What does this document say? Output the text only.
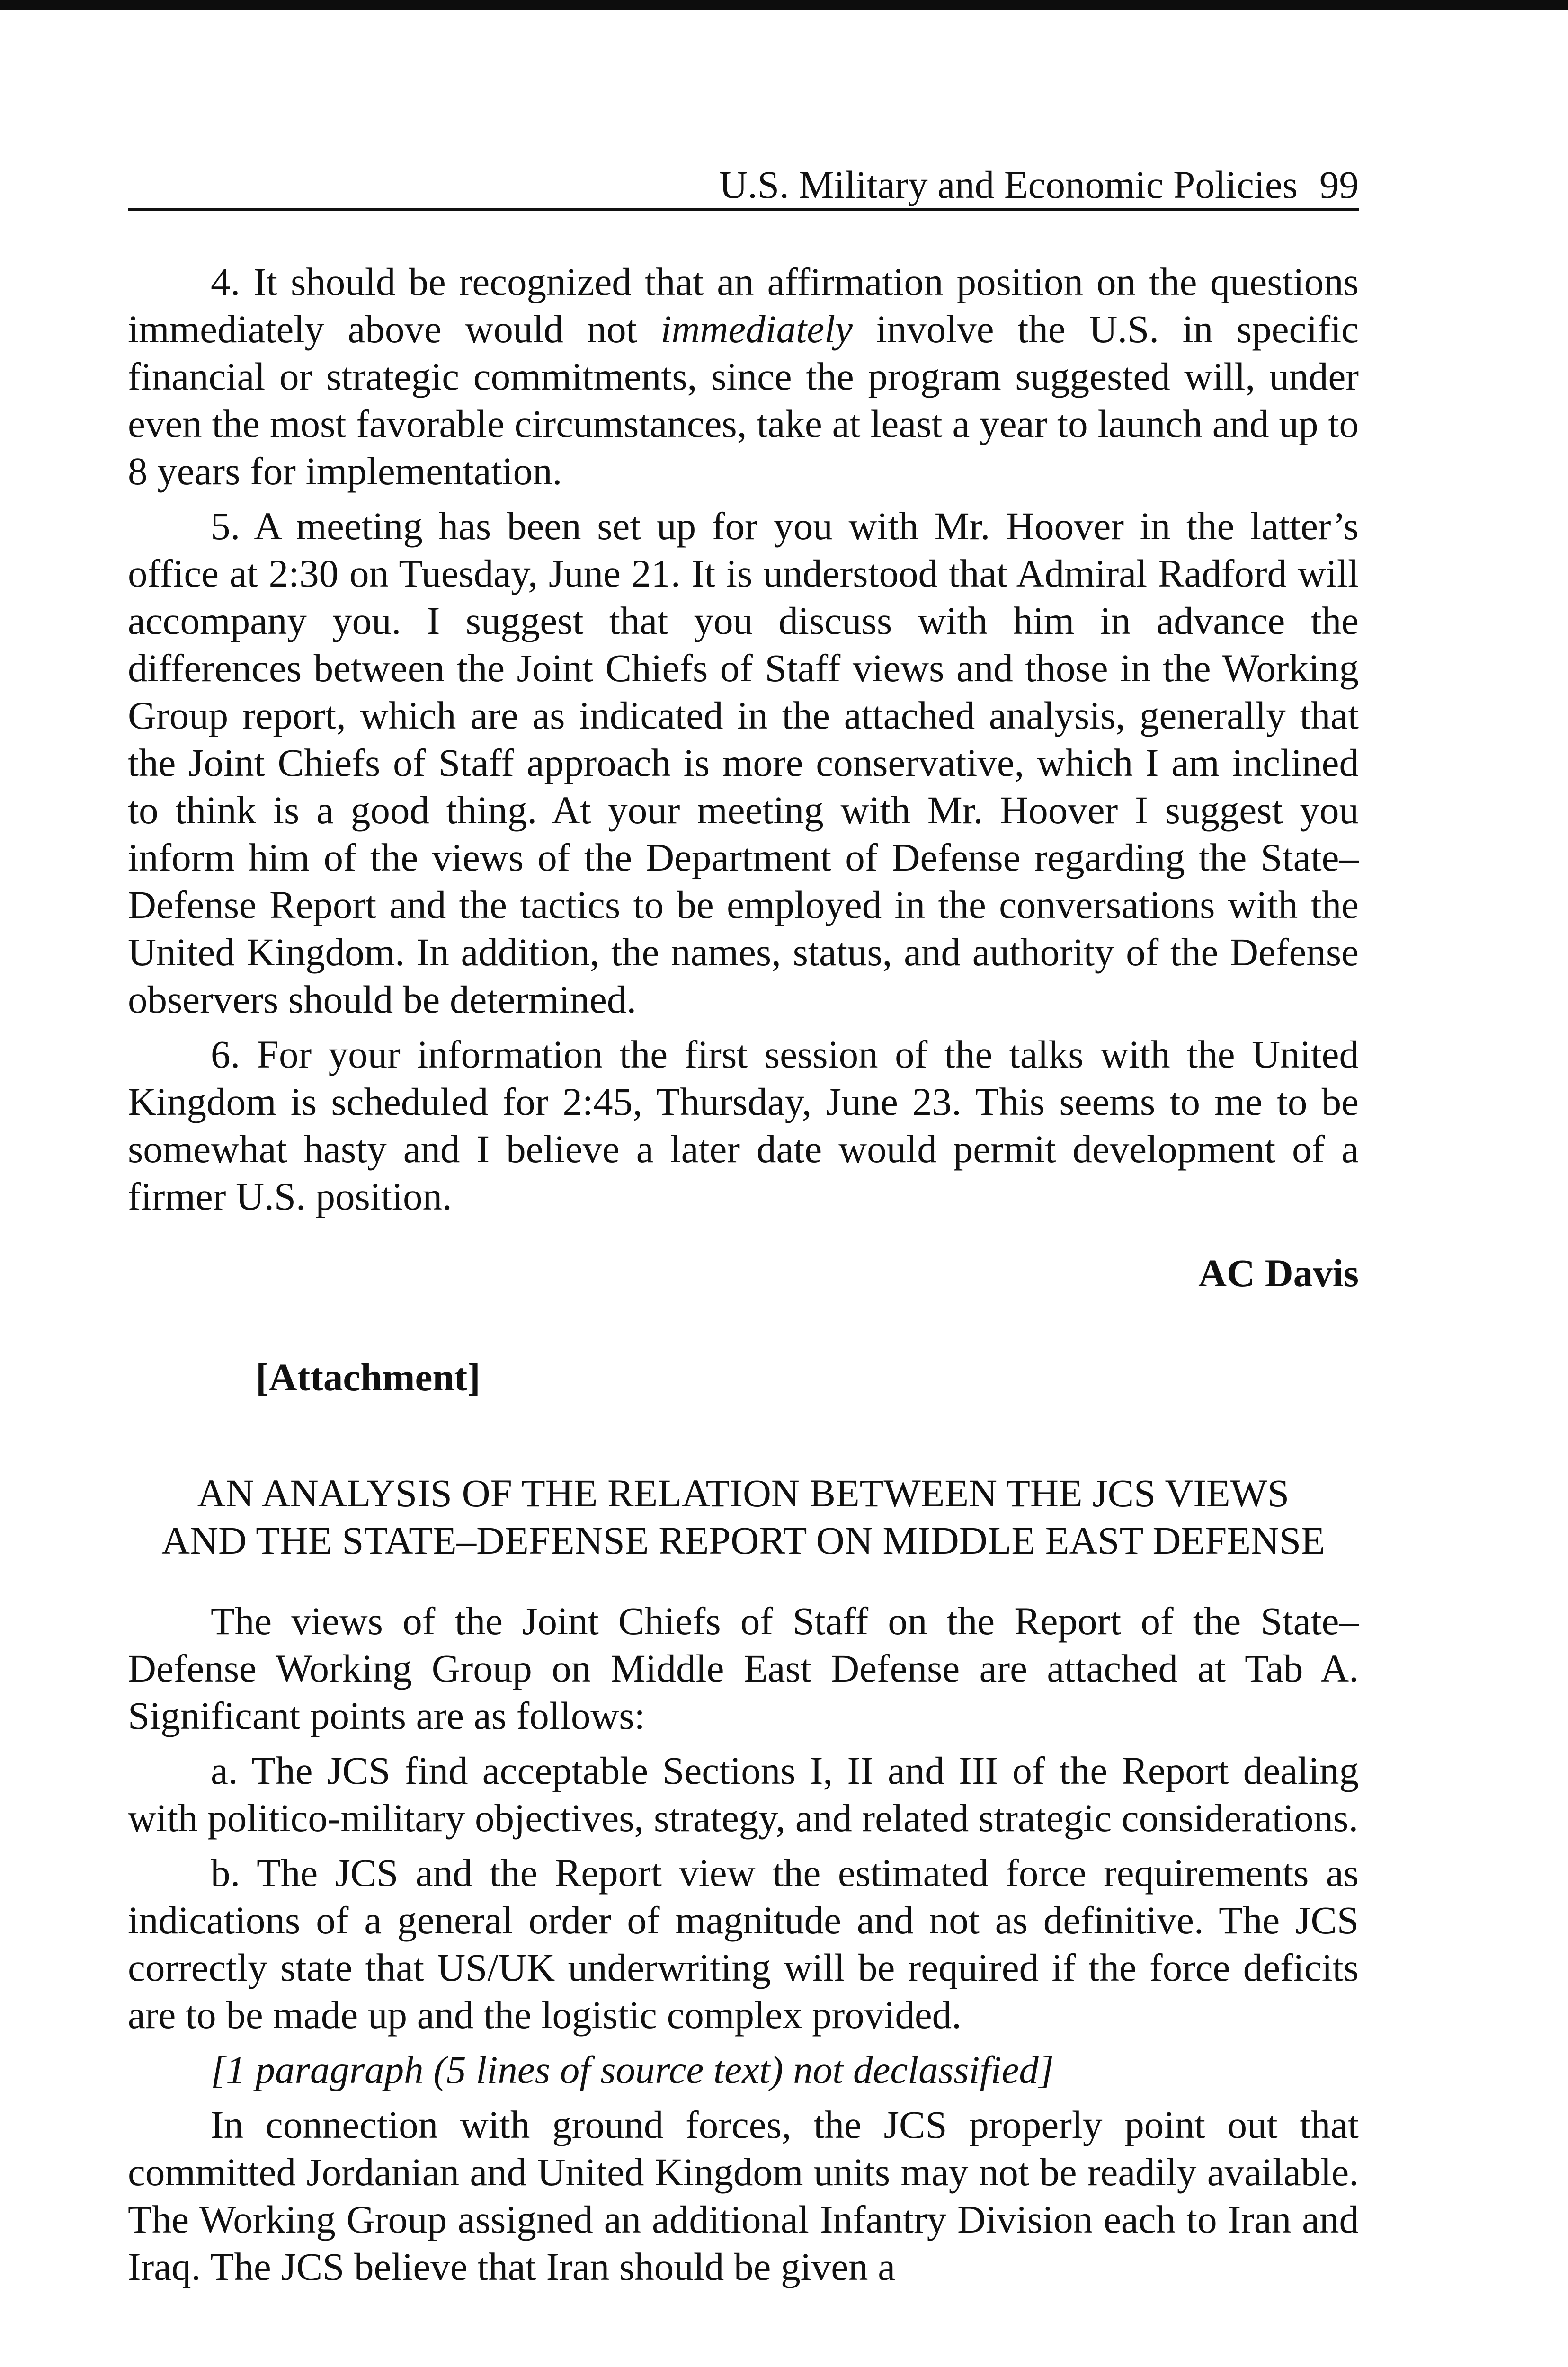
U.S. Military and Economic Policies 99

4. It should be recognized that an affirmation position on the questions immediately above would not immediately involve the U.S. in specific financial or strategic commitments, since the program suggested will, under even the most favorable circumstances, take at least a year to launch and up to 8 years for implementation.

5. A meeting has been set up for you with Mr. Hoover in the latter’s office at 2:30 on Tuesday, June 21. It is understood that Admiral Radford will accompany you. I suggest that you discuss with him in advance the differences between the Joint Chiefs of Staff views and those in the Working Group report, which are as indicated in the attached analysis, generally that the Joint Chiefs of Staff approach is more conservative, which I am inclined to think is a good thing. At your meeting with Mr. Hoover I suggest you inform him of the views of the Department of Defense regarding the State–Defense Report and the tactics to be employed in the conversations with the United Kingdom. In addition, the names, status, and authority of the Defense observers should be determined.

6. For your information the first session of the talks with the United Kingdom is scheduled for 2:45, Thursday, June 23. This seems to me to be somewhat hasty and I believe a later date would permit development of a firmer U.S. position.

AC Davis
[Attachment]
AN ANALYSIS OF THE RELATION BETWEEN THE JCS VIEWS
AND THE STATE–DEFENSE REPORT ON MIDDLE EAST DEFENSE

The views of the Joint Chiefs of Staff on the Report of the State–Defense Working Group on Middle East Defense are attached at Tab A. Significant points are as follows:

a. The JCS find acceptable Sections I, II and III of the Report dealing with politico-military objectives, strategy, and related strategic considerations.

b. The JCS and the Report view the estimated force requirements as indications of a general order of magnitude and not as definitive. The JCS correctly state that US/UK underwriting will be required if the force deficits are to be made up and the logistic complex provided.

[1 paragraph (5 lines of source text) not declassified]

In connection with ground forces, the JCS properly point out that committed Jordanian and United Kingdom units may not be readily available. The Working Group assigned an additional Infantry Division each to Iran and Iraq. The JCS believe that Iran should be given a
